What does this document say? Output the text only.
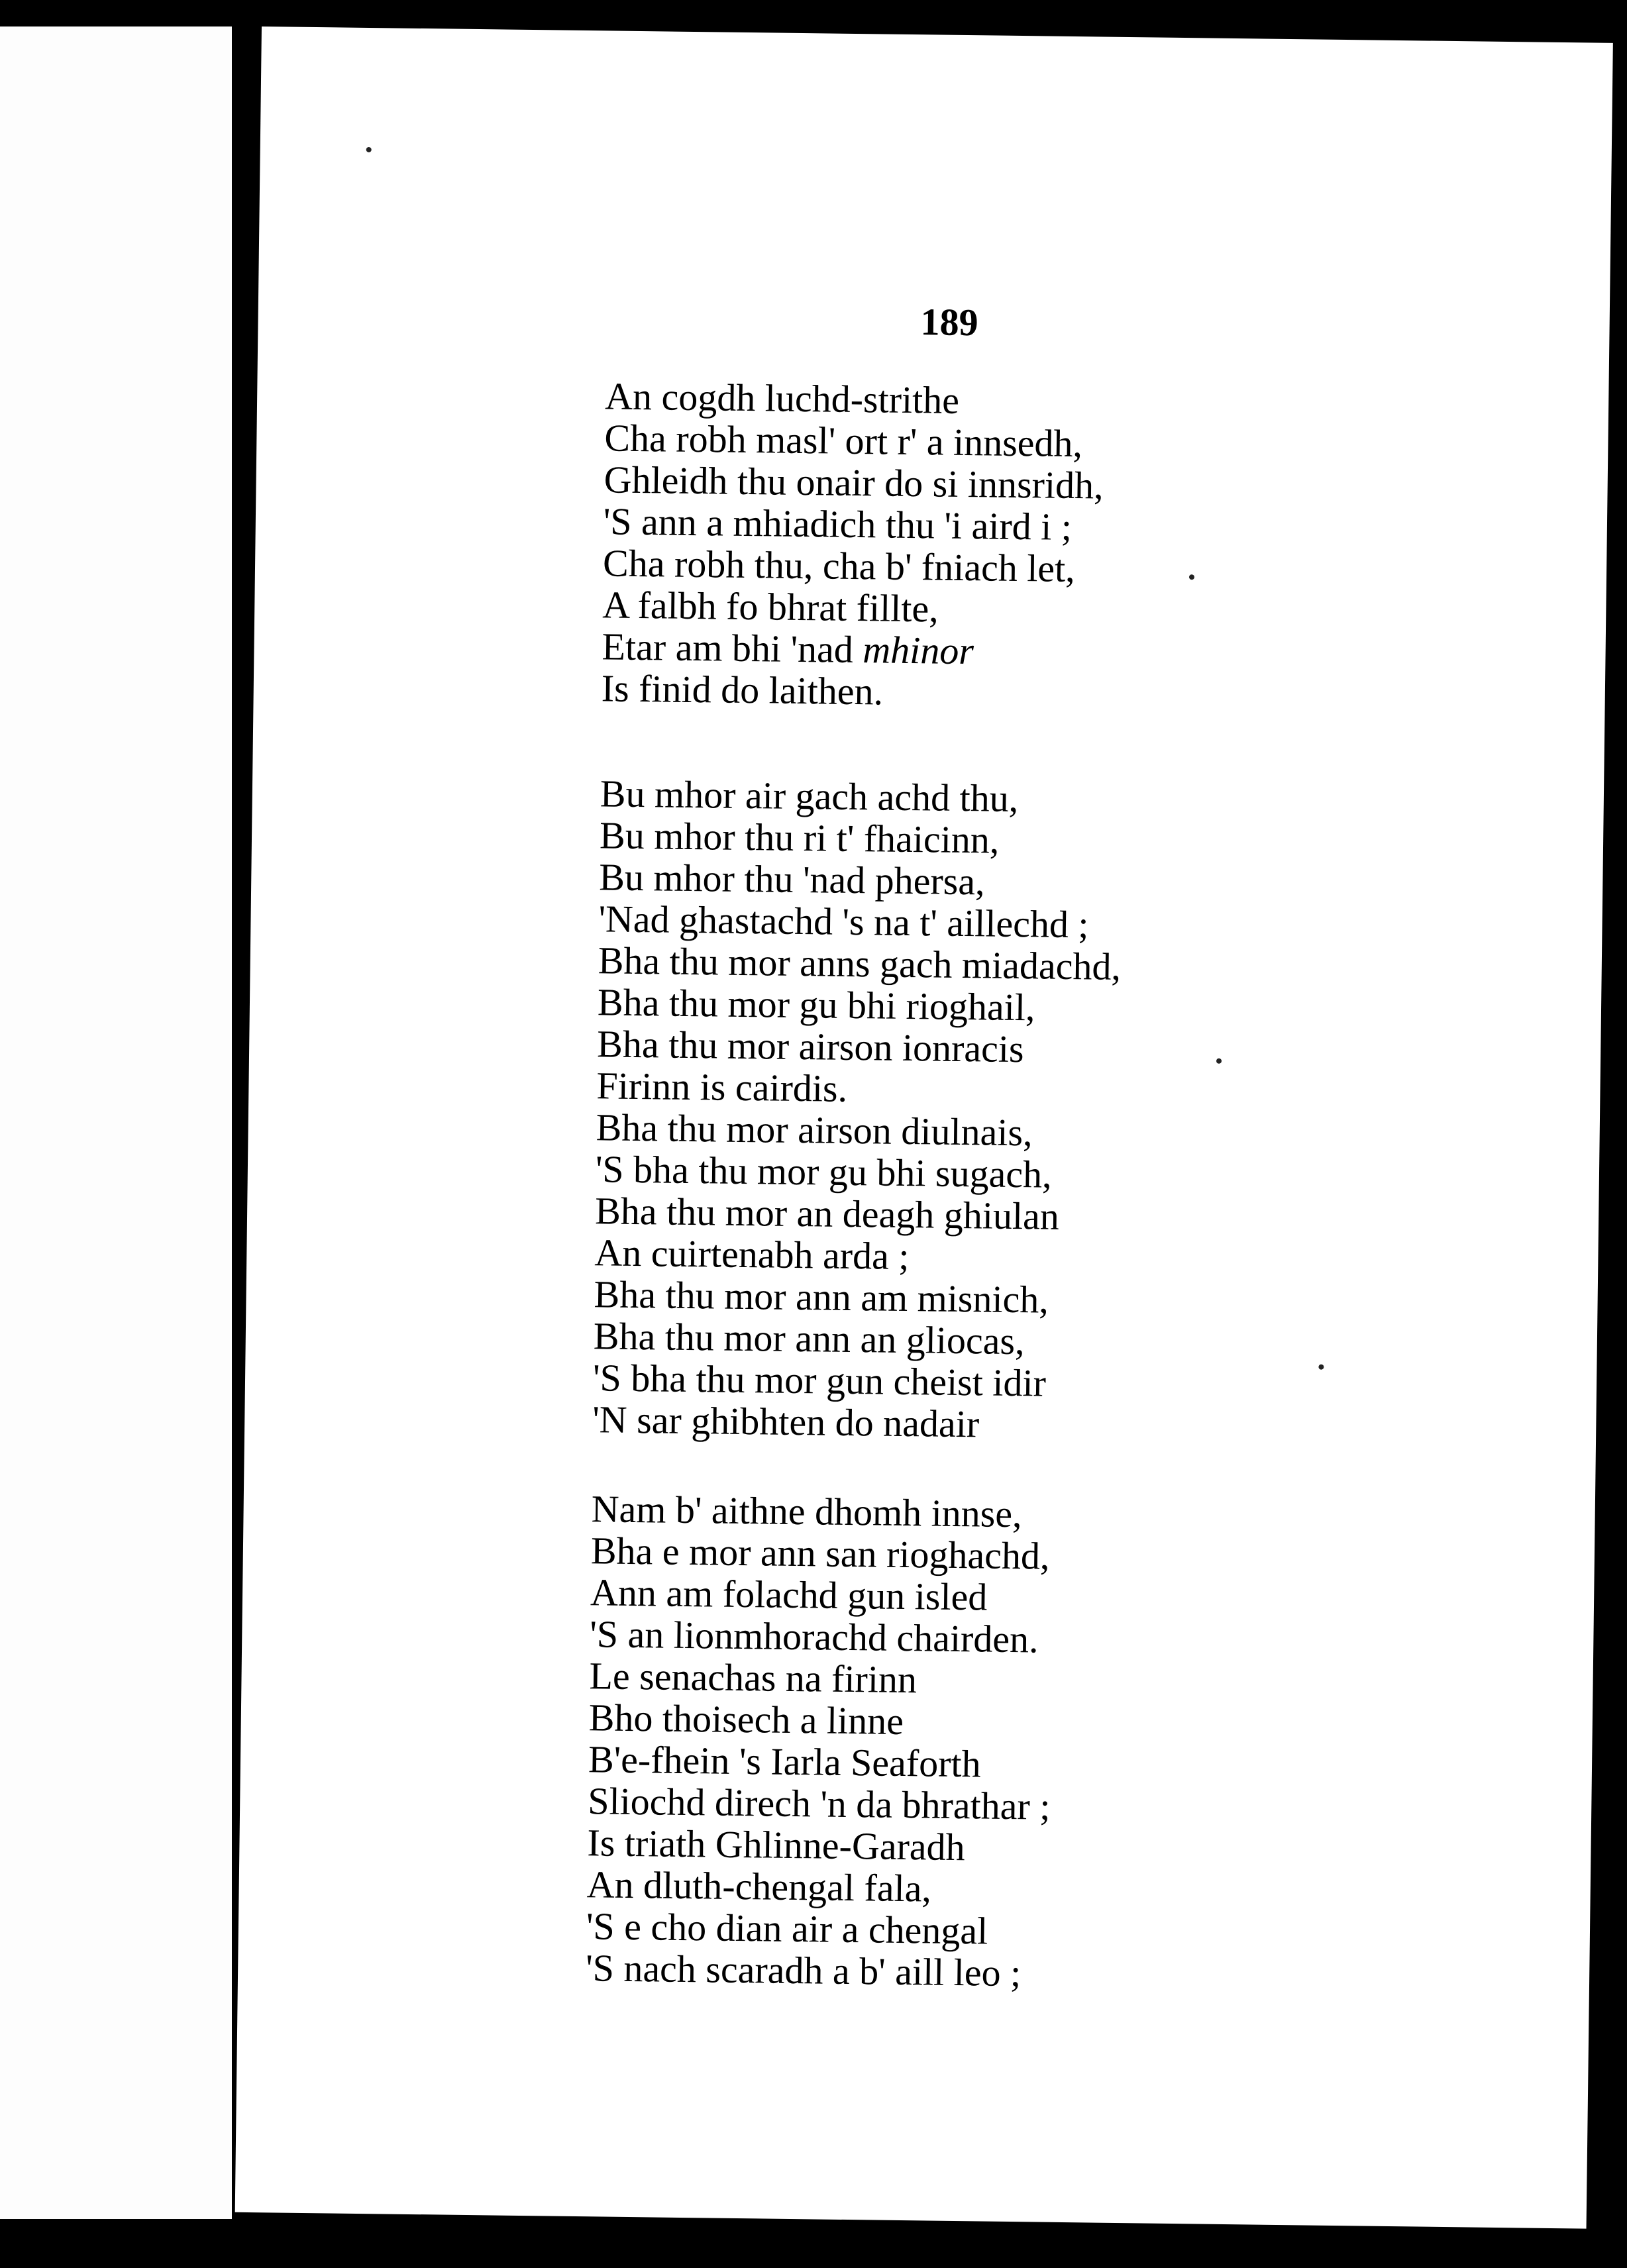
189
An cogdh luchd-strithe
Cha robh masl' ort r' a innsedh,
Ghleidh thu onair do si innsridh,
'S ann a mhiadich thu 'i aird i ;
Cha robh thu, cha b' fniach let,
A falbh fo bhrat fillte,
Etar am bhi 'nad mhinor
Is finid do laithen.
Bu mhor air gach achd thu,
Bu mhor thu ri t' fhaicinn,
Bu mhor thu 'nad phersa,
'Nad ghastachd 's na t' aillechd ;
Bha thu mor anns gach miadachd,
Bha thu mor gu bhi rioghail,
Bha thu mor airson ionracis
Firinn is cairdis.
Bha thu mor airson diulnais,
'S bha thu mor gu bhi sugach,
Bha thu mor an deagh ghiulan
An cuirtenabh arda ;
Bha thu mor ann am misnich,
Bha thu mor ann an gliocas,
'S bha thu mor gun cheist idir
'N sar ghibhten do nadair
Nam b' aithne dhomh innse,
Bha e mor ann san rioghachd,
Ann am folachd gun isled
'S an lionmhorachd chairden.
Le senachas na firinn
Bho thoisech a linne
B'e-fhein 's Iarla Seaforth
Sliochd direch 'n da bhrathar ;
Is triath Ghlinne-Garadh
An dluth-chengal fala,
'S e cho dian air a chengal
'S nach scaradh a b' aill leo ;
